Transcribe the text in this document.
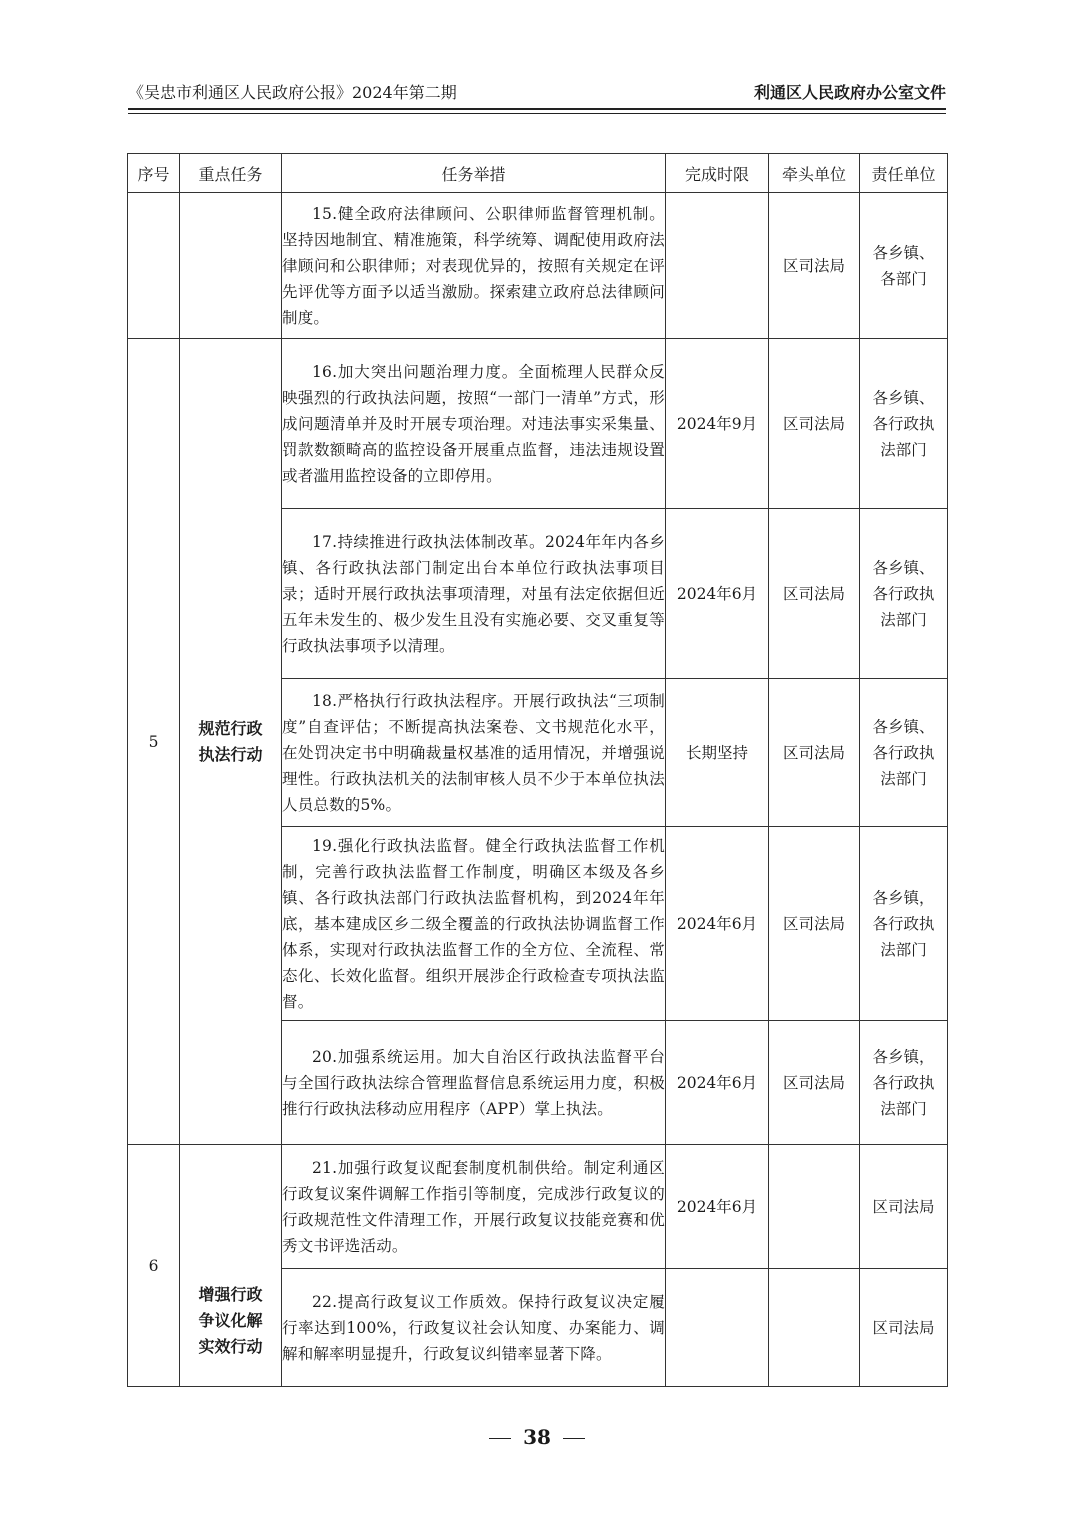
《吴忠市利通区人民政府公报》2024年第二期	利通区人民政府办公室文件
序号	重点任务	任务举措	完成时限	牵头单位	责任单位
		15.健全政府法律顾问、公职律师监督管理机制。坚持因地制宜、精准施策，科学统筹、调配使用政府法律顾问和公职律师；对表现优异的，按照有关规定在评先评优等方面予以适当激励。探索建立政府总法律顾问制度。		区司法局	各乡镇、
各部门
5	规范行政
执法行动	16.加大突出问题治理力度。全面梳理人民群众反映强烈的行政执法问题，按照“一部门一清单”方式，形成问题清单并及时开展专项治理。对违法事实采集量、罚款数额畸高的监控设备开展重点监督，违法违规设置或者滥用监控设备的立即停用。	2024年9月	区司法局	各乡镇、
各行政执
法部门
		17.持续推进行政执法体制改革。2024年年内各乡镇、各行政执法部门制定出台本单位行政执法事项目录；适时开展行政执法事项清理，对虽有法定依据但近五年未发生的、极少发生且没有实施必要、交叉重复等行政执法事项予以清理。	2024年6月	区司法局	各乡镇、
各行政执
法部门
		18.严格执行行政执法程序。开展行政执法“三项制度”自查评估；不断提高执法案卷、文书规范化水平，在处罚决定书中明确裁量权基准的适用情况，并增强说理性。行政执法机关的法制审核人员不少于本单位执法人员总数的5%。	长期坚持	区司法局	各乡镇、
各行政执
法部门
		19.强化行政执法监督。健全行政执法监督工作机制，完善行政执法监督工作制度，明确区本级及各乡镇、各行政执法部门行政执法监督机构，到2024年年底，基本建成区乡二级全覆盖的行政执法协调监督工作体系，实现对行政执法监督工作的全方位、全流程、常态化、长效化监督。组织开展涉企行政检查专项执法监督。	2024年6月	区司法局	各乡镇，
各行政执
法部门
		20.加强系统运用。加大自治区行政执法监督平台与全国行政执法综合管理监督信息系统运用力度，积极推行行政执法移动应用程序（APP）掌上执法。	2024年6月	区司法局	各乡镇，
各行政执
法部门
6	增强行政
争议化解
实效行动	21.加强行政复议配套制度机制供给。制定利通区行政复议案件调解工作指引等制度，完成涉行政复议的行政规范性文件清理工作，开展行政复议技能竞赛和优秀文书评选活动。	2024年6月		区司法局
		22.提高行政复议工作质效。保持行政复议决定履行率达到100%，行政复议社会认知度、办案能力、调解和解率明显提升，行政复议纠错率显著下降。			区司法局
38
